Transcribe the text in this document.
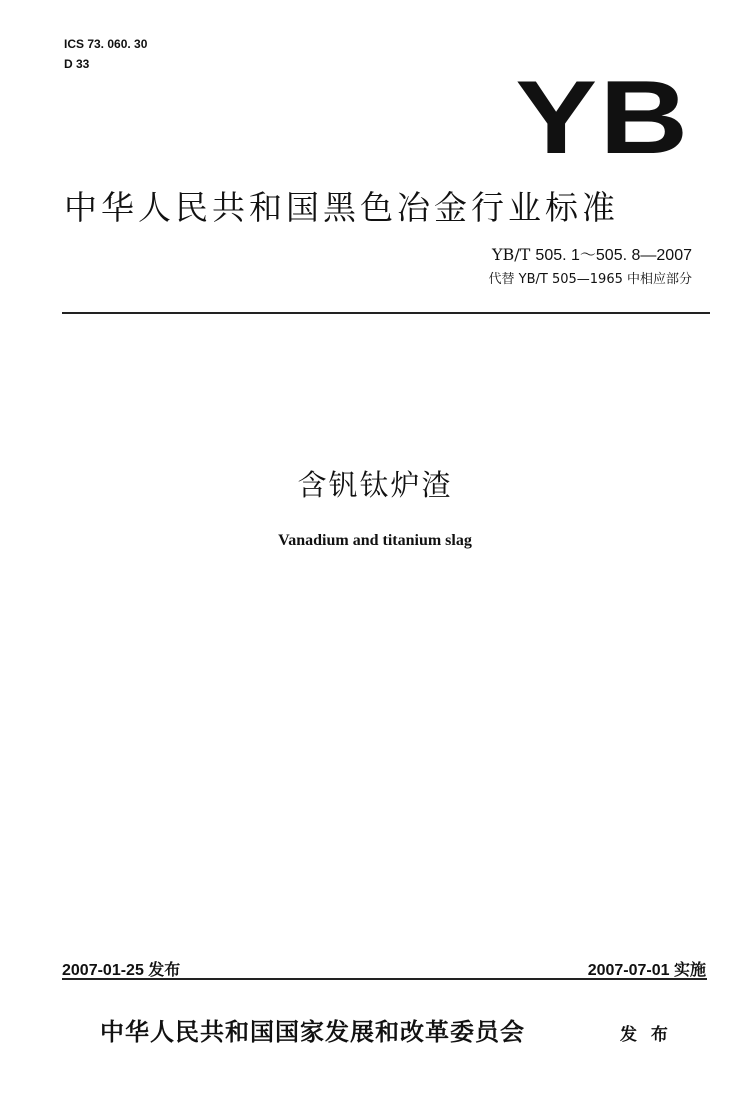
ICS 73. 060. 30
D 33	YB
中华人民共和国黑色冶金行业标准
YB/T 505. 1～505. 8—2007
代替 YB/T 505—1965 中相应部分
含钒钛炉渣
Vanadium and titanium slag
2007-01-25 发布	2007-07-01 实施
中华人民共和国国家发展和改革委员会	发 布
